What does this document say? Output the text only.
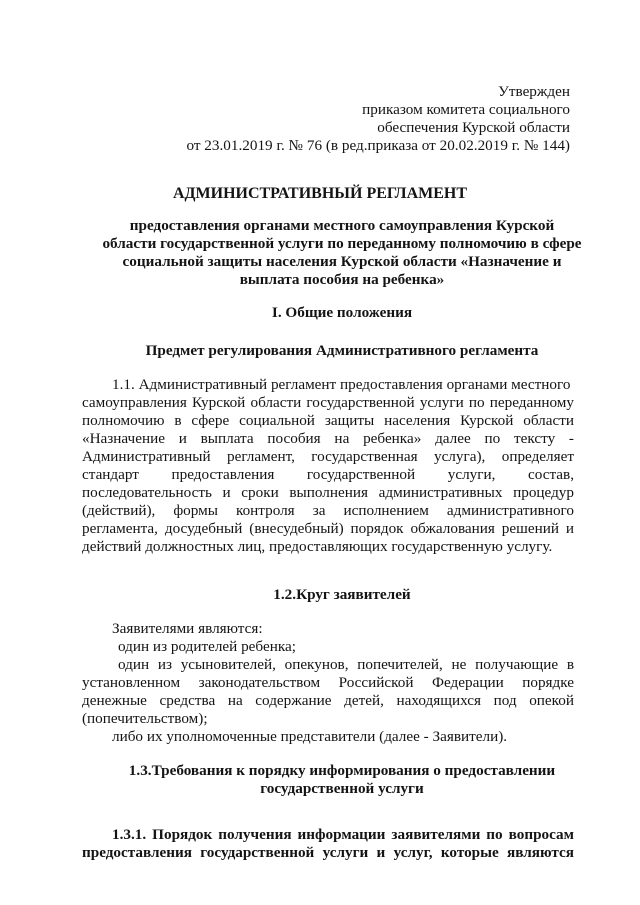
Утвержден
приказом комитета социального
обеспечения Курской области
от 23.01.2019 г. № 76 (в ред.приказа от 20.02.2019 г. № 144)
АДМИНИСТРАТИВНЫЙ РЕГЛАМЕНТ
предоставления органами местного самоуправления Курской
области государственной услуги по переданному полномочию в сфере
социальной защиты населения Курской области «Назначение и
выплата пособия на ребенка»
I. Общие положения
Предмет регулирования Административного регламента
1.1. Административный регламент предоставления органами местного
самоуправления Курской области государственной услуги по переданному
полномочию в сфере социальной защиты населения Курской области
«Назначение и выплата пособия на ребенка» далее по тексту -
Административный регламент, государственная услуга), определяет
стандарт предоставления государственной услуги, состав,
последовательность и сроки выполнения административных процедур
(действий), формы контроля за исполнением административного
регламента, досудебный (внесудебный) порядок обжалования решений и
действий должностных лиц, предоставляющих государственную услугу.
1.2.Круг заявителей
Заявителями являются:
один из родителей ребенка;
один из усыновителей, опекунов, попечителей, не получающие в
установленном законодательством Российской Федерации порядке
денежные средства на содержание детей, находящихся под опекой
(попечительством);
либо их уполномоченные представители (далее - Заявители).
1.3.Требования к порядку информирования о предоставлении
государственной услуги
1.3.1. Порядок получения информации заявителями по вопросам
предоставления государственной услуги и услуг, которые являются
